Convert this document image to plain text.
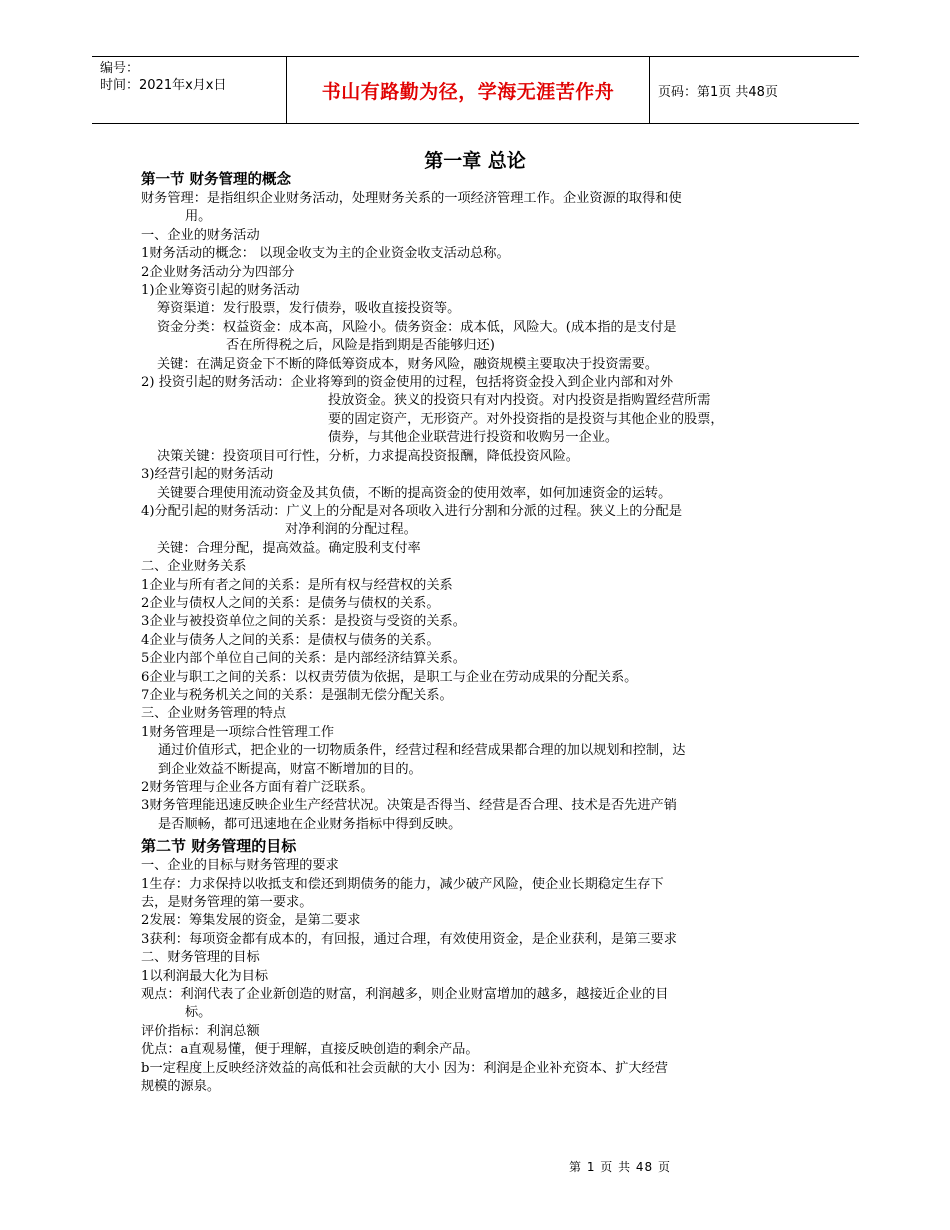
编号：
时间：2021年x月x日	书山有路勤为径，学海无涯苦作舟	页码：第1页 共48页
第一章 总论
第一节 财务管理的概念
财务管理：是指组织企业财务活动，处理财务关系的一项经济管理工作。企业资源的取得和使
用。
一、企业的财务活动
1财务活动的概念： 以现金收支为主的企业资金收支活动总称。
2企业财务活动分为四部分
1)企业筹资引起的财务活动
筹资渠道：发行股票，发行债券，吸收直接投资等。
资金分类：权益资金：成本高，风险小。债务资金：成本低，风险大。(成本指的是支付是
否在所得税之后，风险是指到期是否能够归还)
关键：在满足资金下不断的降低筹资成本，财务风险，融资规模主要取决于投资需要。
2) 投资引起的财务活动：企业将筹到的资金使用的过程，包括将资金投入到企业内部和对外
投放资金。狭义的投资只有对内投资。对内投资是指购置经营所需
要的固定资产，无形资产。对外投资指的是投资与其他企业的股票，
债券，与其他企业联营进行投资和收购另一企业。
决策关键：投资项目可行性，分析，力求提高投资报酬，降低投资风险。
3)经营引起的财务活动
关键要合理使用流动资金及其负债，不断的提高资金的使用效率，如何加速资金的运转。
4)分配引起的财务活动：广义上的分配是对各项收入进行分割和分派的过程。狭义上的分配是
对净利润的分配过程。
关键：合理分配，提高效益。确定股利支付率
二、企业财务关系
1企业与所有者之间的关系：是所有权与经营权的关系
2企业与债权人之间的关系：是债务与债权的关系。
3企业与被投资单位之间的关系：是投资与受资的关系。
4企业与债务人之间的关系：是债权与债务的关系。
5企业内部个单位自己间的关系：是内部经济结算关系。
6企业与职工之间的关系：以权责劳债为依据，是职工与企业在劳动成果的分配关系。
7企业与税务机关之间的关系：是强制无偿分配关系。
三、企业财务管理的特点
1财务管理是一项综合性管理工作
通过价值形式，把企业的一切物质条件，经营过程和经营成果都合理的加以规划和控制，达
到企业效益不断提高，财富不断增加的目的。
2财务管理与企业各方面有着广泛联系。
3财务管理能迅速反映企业生产经营状况。决策是否得当、经营是否合理、技术是否先进产销
是否顺畅，都可迅速地在企业财务指标中得到反映。
第二节 财务管理的目标
一、企业的目标与财务管理的要求
1生存：力求保持以收抵支和偿还到期债务的能力，减少破产风险，使企业长期稳定生存下
去，是财务管理的第一要求。
2发展：筹集发展的资金，是第二要求
3获利：每项资金都有成本的，有回报，通过合理，有效使用资金，是企业获利，是第三要求
二、财务管理的目标
1以利润最大化为目标
观点：利润代表了企业新创造的财富，利润越多，则企业财富增加的越多，越接近企业的目
标。
评价指标：利润总额
优点：a直观易懂，便于理解，直接反映创造的剩余产品。
b一定程度上反映经济效益的高低和社会贡献的大小 因为：利润是企业补充资本、扩大经营
规模的源泉。
第 1 页 共 48 页
